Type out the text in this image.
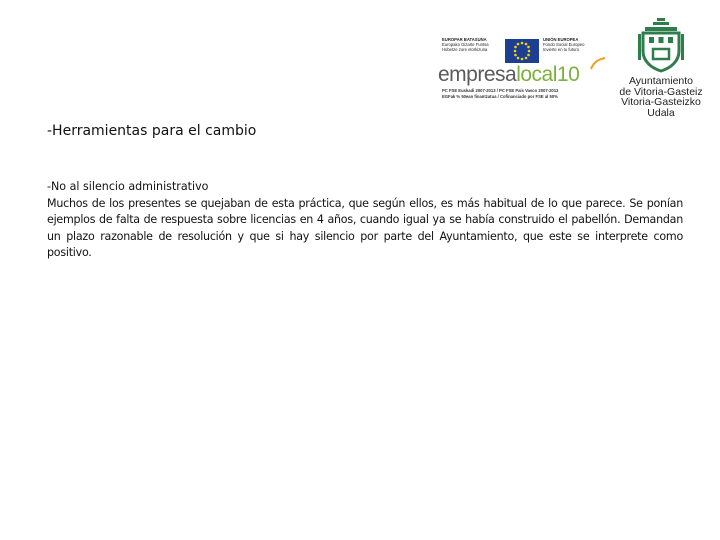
EUROPAR BATASUNA
Europako Gizarte Funtsa
Hobetze zure etorkizuna
UNIÓN EUROPEA
Fondo Social Europeo
Invierte en tu futuro
empresalocal10
PC FSE Euskadi 2007-2013 / PC FSE País Vasco 2007-2013
EGFak % 50ean finantzatua / Cofinanciado por FSE al 50%
Ayuntamiento
de Vitoria-Gasteiz
Vitoria-Gasteizko
Udala
-Herramientas para el cambio
-No al silencio administrativo
Muchos de los presentes se quejaban de esta práctica, que según ellos, es más habitual de lo que parece. Se ponían ejemplos de falta de respuesta sobre licencias en 4 años, cuando igual ya se había construido el pabellón. Demandan un plazo razonable de resolución y que si hay silencio por parte del Ayuntamiento, que este se interprete como positivo.
